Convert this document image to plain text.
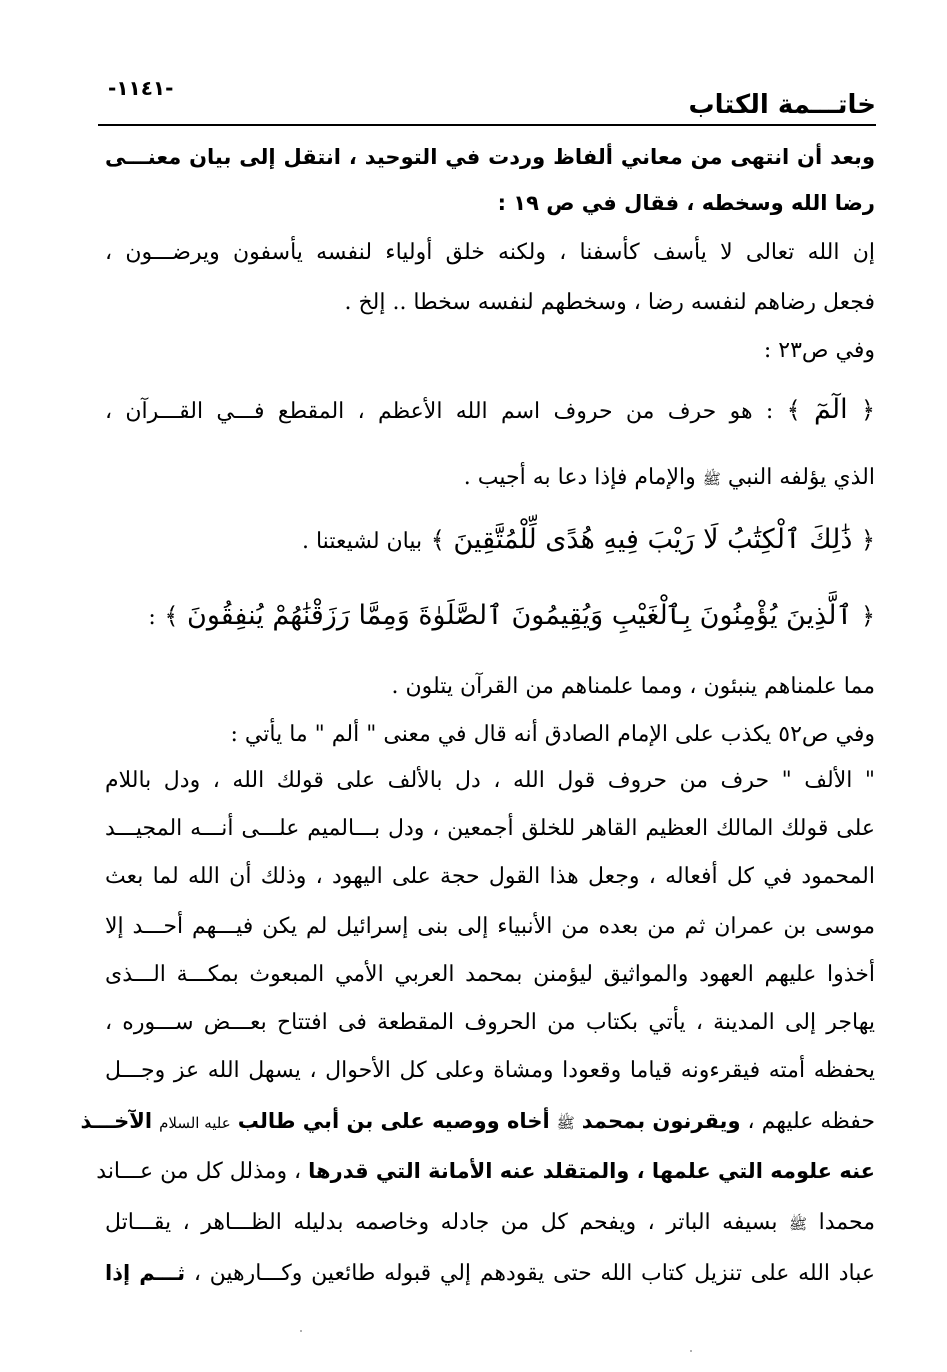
-١١٤١-
خاتـــمة الكتاب
وبعد أن انتهى من معاني ألفاظ وردت في التوحيد ، انتقل إلى بيان معنـــى
رضا الله وسخطه ، فقال في ص ١٩ :
إن الله تعالى لا يأسف كأسفنا ، ولكنه خلق أولياء لنفسه يأسفون ويرضـــون ،
فجعل رضاهم لنفسه رضا ، وسخطهم لنفسه سخطا .. إلخ .
وفي ص٢٣ :
﴿ الٓمٓ ﴾ : هو حرف من حروف اسم الله الأعظم ، المقطع فـــي القـــرآن ،
الذي يؤلفه النبي ﷺ والإمام فإذا دعا به أجيب .
﴿ ذَٰلِكَ ٱلْكِتَٰبُ لَا رَيْبَ فِيهِ هُدًى لِّلْمُتَّقِينَ ﴾ بيان لشيعتنا .
﴿ ٱلَّذِينَ يُؤْمِنُونَ بِٱلْغَيْبِ وَيُقِيمُونَ ٱلصَّلَوٰةَ وَمِمَّا رَزَقْنَٰهُمْ يُنفِقُونَ ﴾ :
مما علمناهم ينبئون ، ومما علمناهم من القرآن يتلون .
وفي ص٥٢ يكذب على الإمام الصادق أنه قال في معنى " ألم " ما يأتي :
" الألف " حرف من حروف قول الله ، دل بالألف على قولك الله ، ودل باللام
على قولك المالك العظيم القاهر للخلق أجمعين ، ودل بـــالميم علـــى أنـــه المجيـــد
المحمود في كل أفعاله ، وجعل هذا القول حجة على اليهود ، وذلك أن الله لما بعث
موسى بن عمران ثم من بعده من الأنبياء إلى بنى إسرائيل لم يكن فيـــهم أحـــد إلا
أخذوا عليهم العهود والمواثيق ليؤمنن بمحمد العربي الأمي المبعوث بمكـــة الـــذى
يهاجر إلى المدينة ، يأتي بكتاب من الحروف المقطعة فى افتتاح بعـــض ســـوره ،
يحفظه أمته فيقرءونه قياما وقعودا ومشاة وعلى كل الأحوال ، يسهل الله عز وجـــل
حفظه عليهم ، ويقرنون بمحمد ﷺ أخاه ووصيه على بن أبي طالب عليه السلام الآخـــذ
عنه علومه التي علمها ، والمتقلد عنه الأمانة التي قدرها ، ومذلل كل من عـــاند
محمدا ﷺ بسيفه الباتر ، ويفحم كل من جادله وخاصمه بدليله الظـــاهر ، يقـــاتل
عباد الله على تنزيل كتاب الله حتى يقودهم إلي قبوله طائعين وكـــارهين ، ثـــم إذا
